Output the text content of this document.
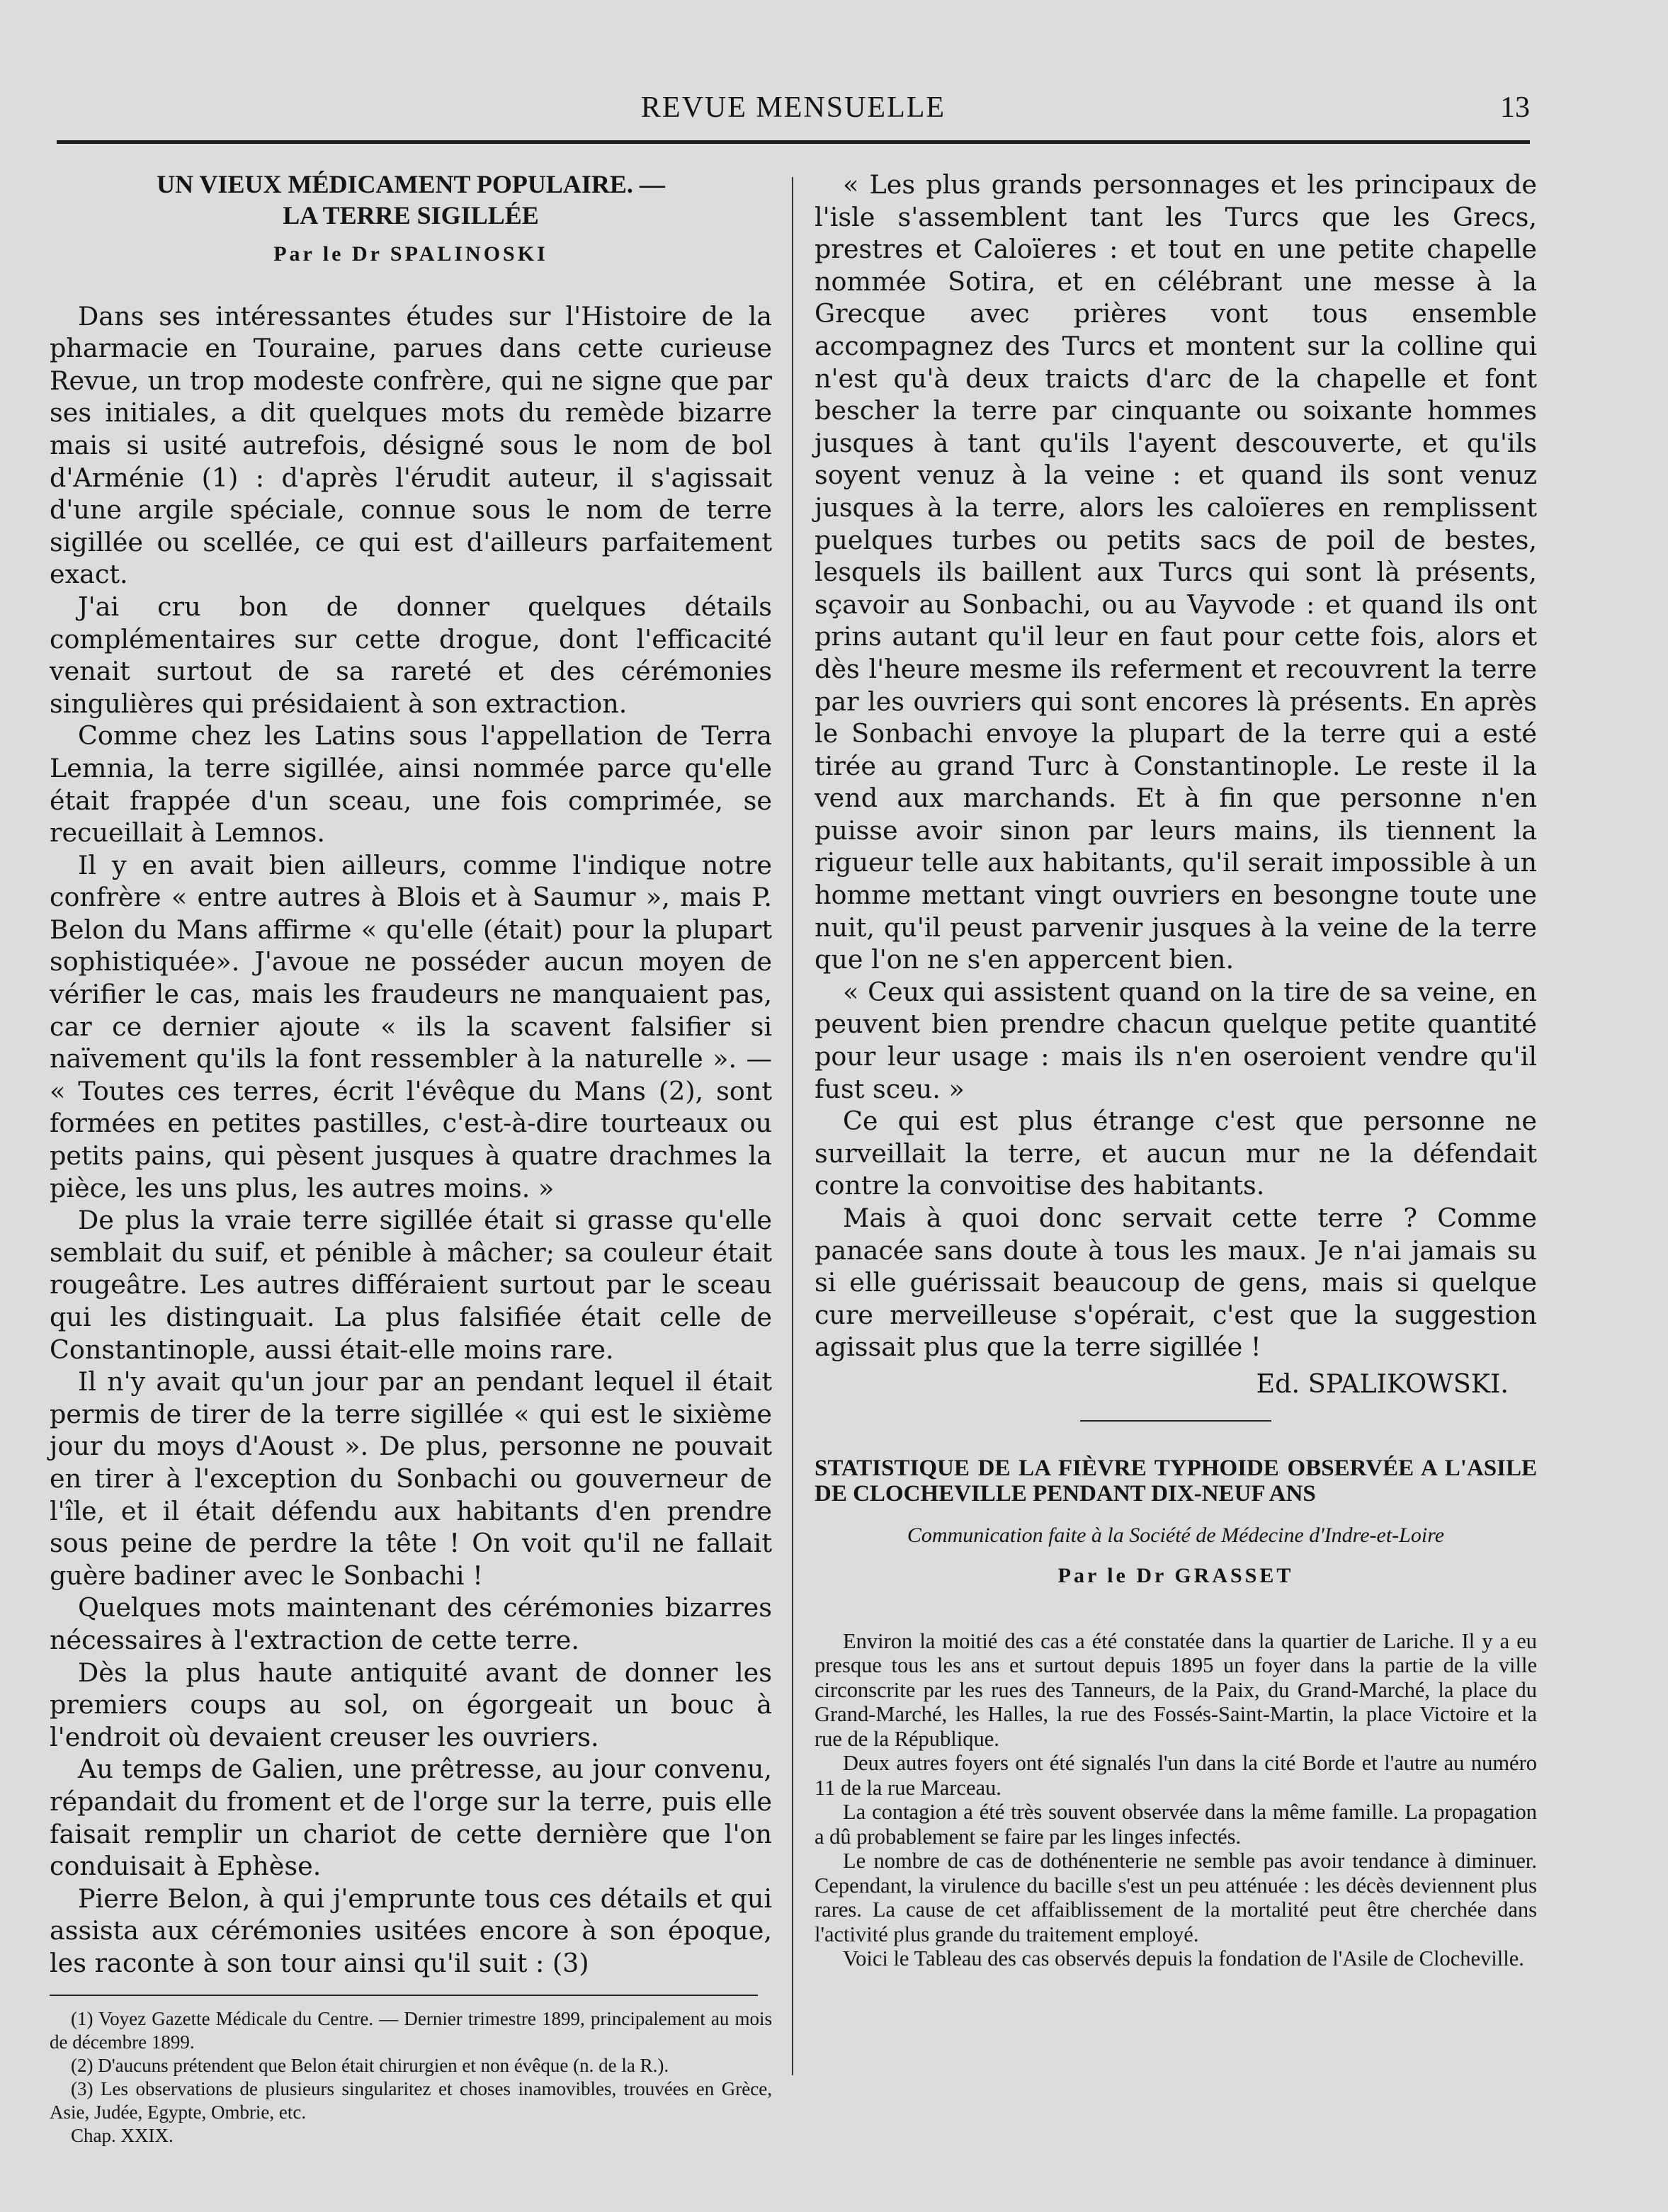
REVUE MENSUELLE	13

UN VIEUX MÉDICAMENT POPULAIRE. —

LA TERRE SIGILLÉE

Par le Dr SPALINOSKI

Dans ses intéressantes études sur l'Histoire de la pharmacie en Touraine, parues dans cette curieuse Revue, un trop modeste confrère, qui ne signe que par ses initiales, a dit quelques mots du remède bizarre mais si usité autrefois, désigné sous le nom de bol d'Arménie (1) : d'après l'érudit auteur, il s'agissait d'une argile spéciale, connue sous le nom de terre sigillée ou scellée, ce qui est d'ailleurs parfaitement exact.

J'ai cru bon de donner quelques détails complémentaires sur cette drogue, dont l'efficacité venait surtout de sa rareté et des cérémonies singulières qui présidaient à son extraction.

Comme chez les Latins sous l'appellation de Terra Lemnia, la terre sigillée, ainsi nommée parce qu'elle était frappée d'un sceau, une fois comprimée, se recueillait à Lemnos.

Il y en avait bien ailleurs, comme l'indique notre confrère « entre autres à Blois et à Saumur », mais P. Belon du Mans affirme « qu'elle (était) pour la plupart sophistiquée». J'avoue ne posséder aucun moyen de vérifier le cas, mais les fraudeurs ne manquaient pas, car ce dernier ajoute « ils la scavent falsifier si naïvement qu'ils la font ressembler à la naturelle ». — « Toutes ces terres, écrit l'évêque du Mans (2), sont formées en petites pastilles, c'est-à-dire tourteaux ou petits pains, qui pèsent jusques à quatre drachmes la pièce, les uns plus, les autres moins. »

De plus la vraie terre sigillée était si grasse qu'elle semblait du suif, et pénible à mâcher; sa couleur était rougeâtre. Les autres différaient surtout par le sceau qui les distinguait. La plus falsifiée était celle de Constantinople, aussi était-elle moins rare.

Il n'y avait qu'un jour par an pendant lequel il était permis de tirer de la terre sigillée « qui est le sixième jour du moys d'Aoust ». De plus, personne ne pouvait en tirer à l'exception du Sonbachi ou gouverneur de l'île, et il était défendu aux habitants d'en prendre sous peine de perdre la tête ! On voit qu'il ne fallait guère badiner avec le Sonbachi !

Quelques mots maintenant des cérémonies bizarres nécessaires à l'extraction de cette terre.

Dès la plus haute antiquité avant de donner les premiers coups au sol, on égorgeait un bouc à l'endroit où devaient creuser les ouvriers.

Au temps de Galien, une prêtresse, au jour convenu, répandait du froment et de l'orge sur la terre, puis elle faisait remplir un chariot de cette dernière que l'on conduisait à Ephèse.

Pierre Belon, à qui j'emprunte tous ces détails et qui assista aux cérémonies usitées encore à son époque, les raconte à son tour ainsi qu'il suit : (3)

(1) Voyez Gazette Médicale du Centre. — Dernier trimestre 1899, principalement au mois de décembre 1899.

(2) D'aucuns prétendent que Belon était chirurgien et non évêque (n. de la R.).

(3) Les observations de plusieurs singularitez et choses inamovibles, trouvées en Grèce, Asie, Judée, Egypte, Ombrie, etc.

Chap. XXIX.

« Les plus grands personnages et les principaux de l'isle s'assemblent tant les Turcs que les Grecs, prestres et Caloïeres : et tout en une petite chapelle nommée Sotira, et en célébrant une messe à la Grecque avec prières vont tous ensemble accompagnez des Turcs et montent sur la colline qui n'est qu'à deux traicts d'arc de la chapelle et font bescher la terre par cinquante ou soixante hommes jusques à tant qu'ils l'ayent descouverte, et qu'ils soyent venuz à la veine : et quand ils sont venuz jusques à la terre, alors les caloïeres en remplissent puelques turbes ou petits sacs de poil de bestes, lesquels ils baillent aux Turcs qui sont là présents, sçavoir au Sonbachi, ou au Vayvode : et quand ils ont prins autant qu'il leur en faut pour cette fois, alors et dès l'heure mesme ils referment et recouvrent la terre par les ouvriers qui sont encores là présents. En après le Sonbachi envoye la plupart de la terre qui a esté tirée au grand Turc à Constantinople. Le reste il la vend aux marchands. Et à fin que personne n'en puisse avoir sinon par leurs mains, ils tiennent la rigueur telle aux habitants, qu'il serait impossible à un homme mettant vingt ouvriers en besongne toute une nuit, qu'il peust parvenir jusques à la veine de la terre que l'on ne s'en appercent bien.

« Ceux qui assistent quand on la tire de sa veine, en peuvent bien prendre chacun quelque petite quantité pour leur usage : mais ils n'en oseroient vendre qu'il fust sceu. »

Ce qui est plus étrange c'est que personne ne surveillait la terre, et aucun mur ne la défendait contre la convoitise des habitants.

Mais à quoi donc servait cette terre ? Comme panacée sans doute à tous les maux. Je n'ai jamais su si elle guérissait beaucoup de gens, mais si quelque cure merveilleuse s'opérait, c'est que la suggestion agissait plus que la terre sigillée !

Ed. SPALIKOWSKI.

STATISTIQUE DE LA FIÈVRE TYPHOIDE OBSERVÉE A L'ASILE DE CLOCHEVILLE PENDANT DIX-NEUF ANS

Communication faite à la Société de Médecine d'Indre-et-Loire
Par le Dr GRASSET

Environ la moitié des cas a été constatée dans la quartier de Lariche. Il y a eu presque tous les ans et surtout depuis 1895 un foyer dans la partie de la ville circonscrite par les rues des Tanneurs, de la Paix, du Grand-Marché, la place du Grand-Marché, les Halles, la rue des Fossés-Saint-Martin, la place Victoire et la rue de la République.

Deux autres foyers ont été signalés l'un dans la cité Borde et l'autre au numéro 11 de la rue Marceau.

La contagion a été très souvent observée dans la même famille. La propagation a dû probablement se faire par les linges infectés.

Le nombre de cas de dothénenterie ne semble pas avoir tendance à diminuer. Cependant, la virulence du bacille s'est un peu atténuée : les décès deviennent plus rares. La cause de cet affaiblissement de la mortalité peut être cherchée dans l'activité plus grande du traitement employé.

Voici le Tableau des cas observés depuis la fondation de l'Asile de Clocheville.
